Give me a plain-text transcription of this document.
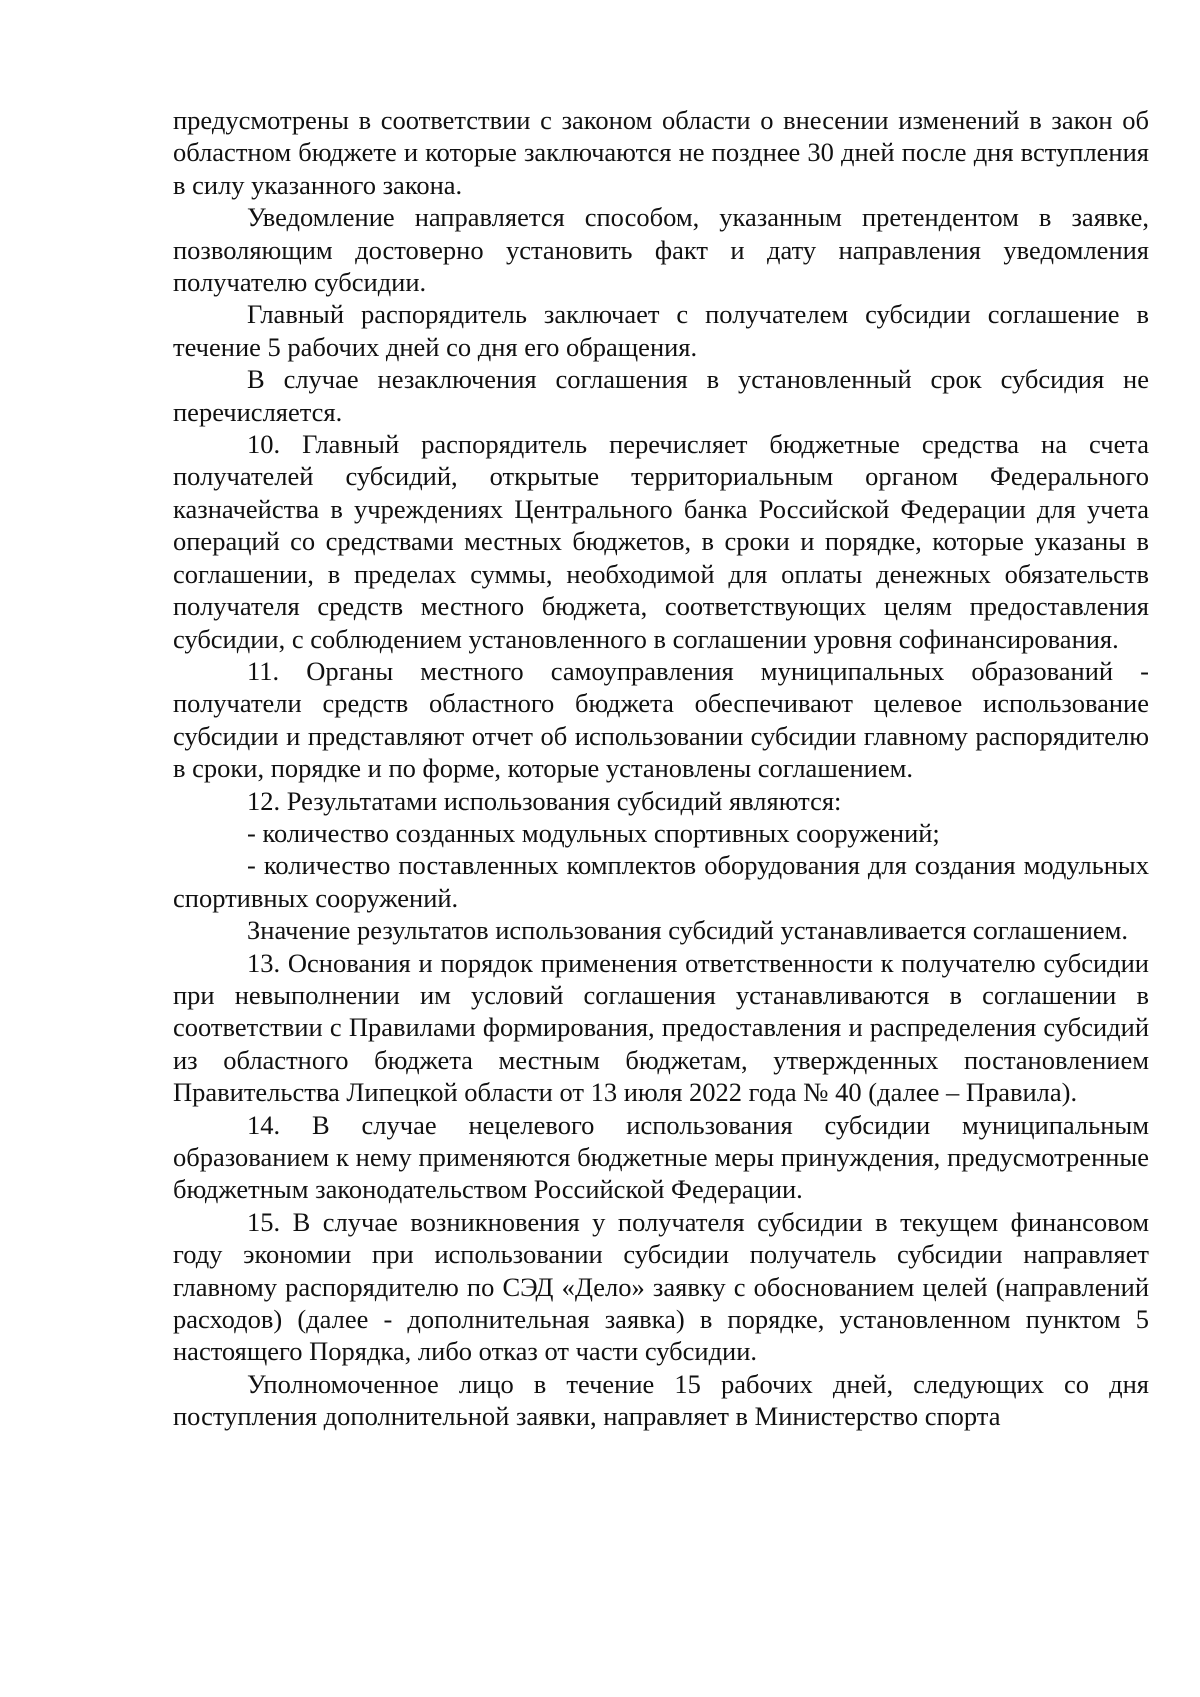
предусмотрены в соответствии с законом области о внесении изменений в закон об областном бюджете и которые заключаются не позднее 30 дней после дня вступления в силу указанного закона.

Уведомление направляется способом, указанным претендентом в заявке, позволяющим достоверно установить факт и дату направления уведомления получателю субсидии.

Главный распорядитель заключает с получателем субсидии соглашение в течение 5 рабочих дней со дня его обращения.

В случае незаключения соглашения в установленный срок субсидия не перечисляется.

10. Главный распорядитель перечисляет бюджетные средства на счета получателей субсидий, открытые территориальным органом Федерального казначейства в учреждениях Центрального банка Российской Федерации для учета операций со средствами местных бюджетов, в сроки и порядке, которые указаны в соглашении, в пределах суммы, необходимой для оплаты денежных обязательств получателя средств местного бюджета, соответствующих целям предоставления субсидии, с соблюдением установленного в соглашении уровня софинансирования.

11. Органы местного самоуправления муниципальных образований - получатели средств областного бюджета обеспечивают целевое использование субсидии и представляют отчет об использовании субсидии главному распорядителю в сроки, порядке и по форме, которые установлены соглашением.

12. Результатами использования субсидий являются:

- количество созданных модульных спортивных сооружений;

- количество поставленных комплектов оборудования для создания модульных спортивных сооружений.

Значение результатов использования субсидий устанавливается соглашением.

13. Основания и порядок применения ответственности к получателю субсидии при невыполнении им условий соглашения устанавливаются в соглашении в соответствии с Правилами формирования, предоставления и распределения субсидий из областного бюджета местным бюджетам, утвержденных постановлением Правительства Липецкой области от 13 июля 2022 года № 40 (далее – Правила).

14. В случае нецелевого использования субсидии муниципальным образованием к нему применяются бюджетные меры принуждения, предусмотренные бюджетным законодательством Российской Федерации.

15. В случае возникновения у получателя субсидии в текущем финансовом году экономии при использовании субсидии получатель субсидии направляет главному распорядителю по СЭД «Дело» заявку с обоснованием целей (направлений расходов) (далее - дополнительная заявка) в порядке, установленном пунктом 5 настоящего Порядка, либо отказ от части субсидии.

Уполномоченное лицо в течение 15 рабочих дней, следующих со дня поступления дополнительной заявки, направляет в Министерство спорта
